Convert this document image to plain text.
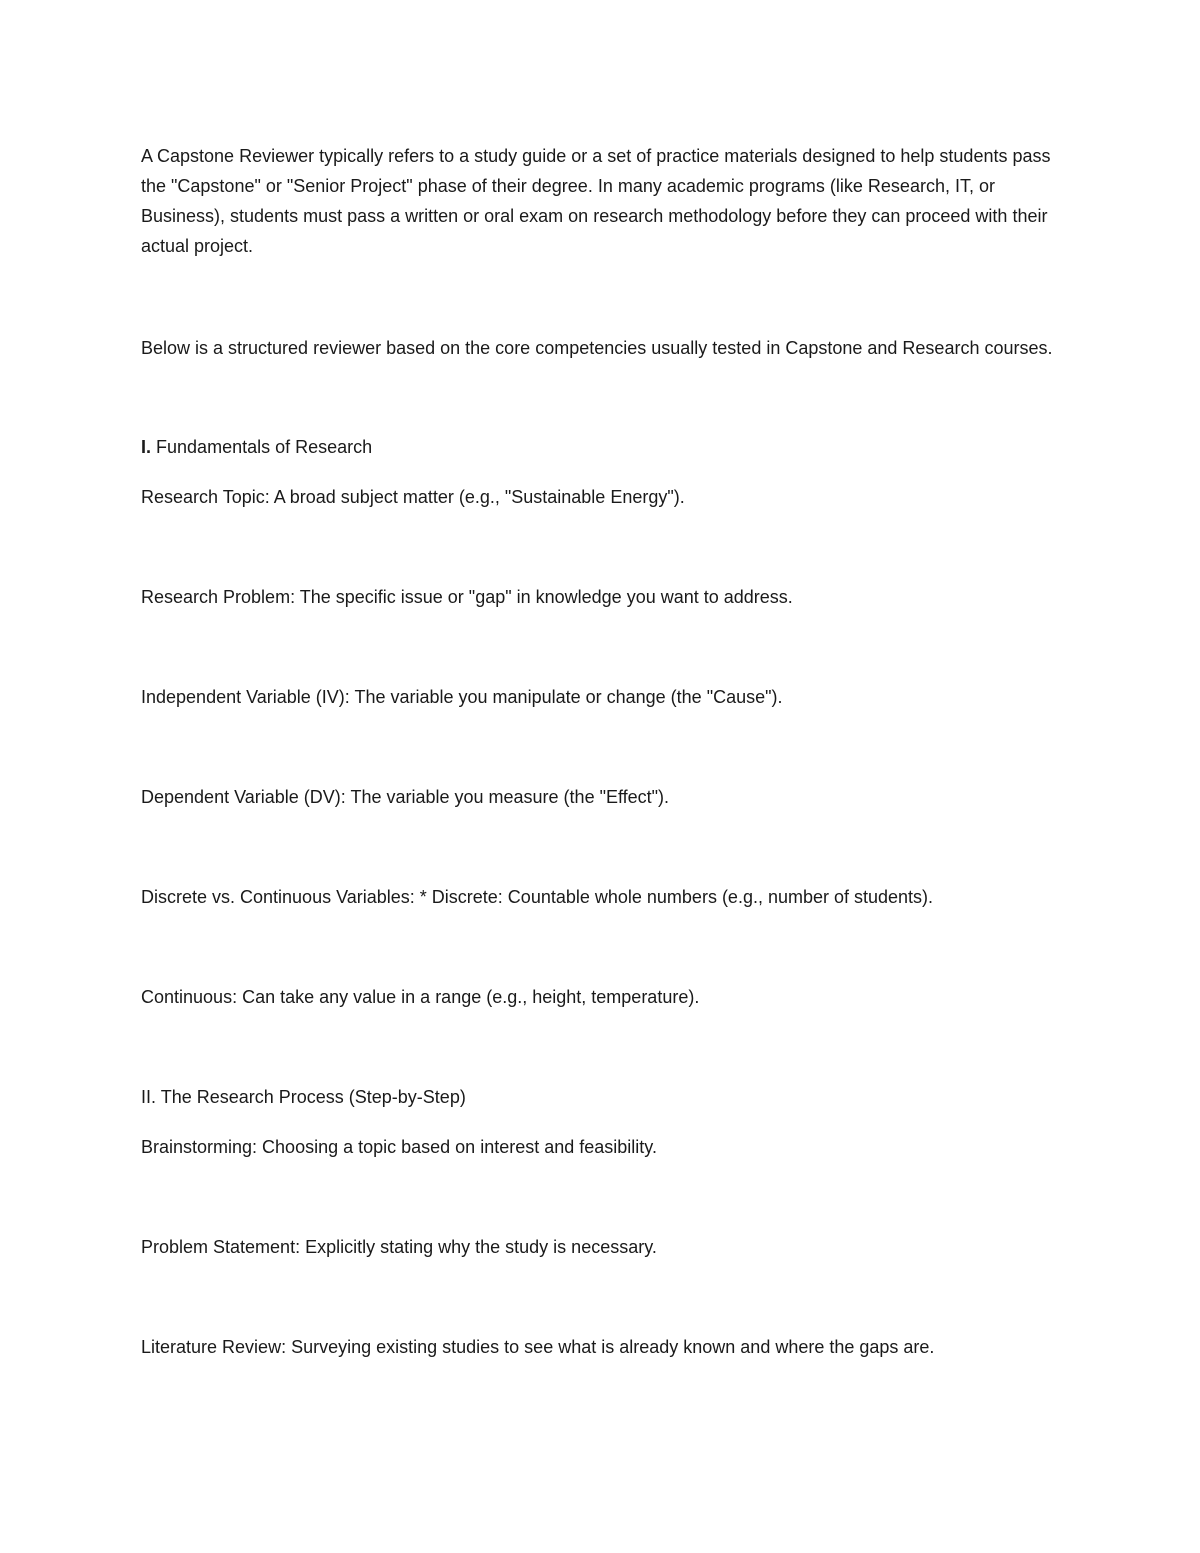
A Capstone Reviewer typically refers to a study guide or a set of practice materials designed to help students pass the "Capstone" or "Senior Project" phase of their degree. In many academic programs (like Research, IT, or Business), students must pass a written or oral exam on research methodology before they can proceed with their actual project.

Below is a structured reviewer based on the core competencies usually tested in Capstone and Research courses.

I. Fundamentals of Research

Research Topic: A broad subject matter (e.g., "Sustainable Energy").

Research Problem: The specific issue or "gap" in knowledge you want to address.

Independent Variable (IV): The variable you manipulate or change (the "Cause").

Dependent Variable (DV): The variable you measure (the "Effect").

Discrete vs. Continuous Variables: * Discrete: Countable whole numbers (e.g., number of students).

Continuous: Can take any value in a range (e.g., height, temperature).

II. The Research Process (Step-by-Step)

Brainstorming: Choosing a topic based on interest and feasibility.

Problem Statement: Explicitly stating why the study is necessary.

Literature Review: Surveying existing studies to see what is already known and where the gaps are.
